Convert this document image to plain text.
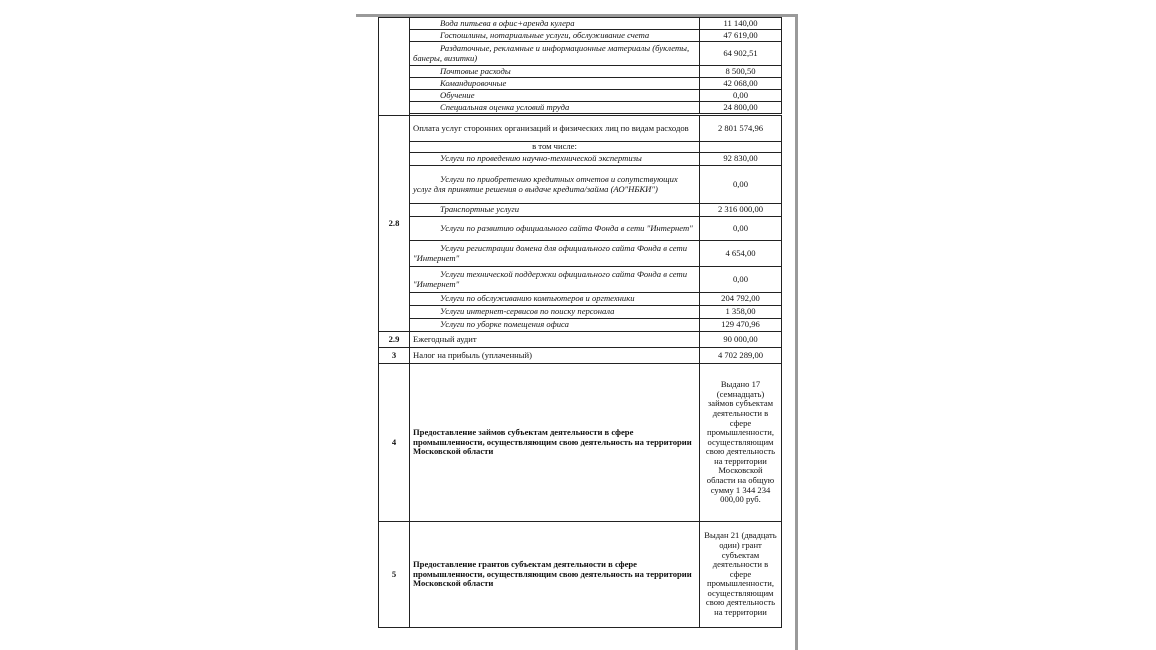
	Вода питьева в офис+аренда кулера	11 140,00
	Госпошлины, нотариальные услуги, обслуживание счета	47 619,00
	Раздаточные, рекламные и информационные материалы (буклеты, банеры, визитки)	64 902,51
	Почтовые расходы	8 500,50
	Командировочные	42 068,00
	Обучение	0,00
	Специальная оценка условий труда	24 800,00

2.8	Оплата услуг сторонних организаций и физических лиц по видам расходов	2 801 574,96
	в том числе:	
	Услуги по проведению научно-технической экспертизы	92 830,00
	Услуги по приобретению кредитных отчетов и сопутствующих услуг для принятие решения о выдаче кредита/займа (АО"НБКИ")	0,00
	Транспортные услуги	2 316 000,00
	Услуги по развитию официального сайта Фонда в сети "Интернет"	0,00
	Услуги регистрации домена для официального сайта Фонда в сети "Интернет"	4 654,00
	Услуги технической поддержки официального сайта Фонда в сети "Интернет"	0,00
	Услуги по обслуживанию компьютеров и оргтехники	204 792,00
	Услуги интернет-сервисов по поиску персонала	1 358,00
	Услуги по уборке помещения офиса	129 470,96
2.9	Ежегодный аудит	90 000,00
3	Налог на прибыль (уплаченный)	4 702 289,00
4	Предоставление займов субъектам деятельности в сфере промышленности, осуществляющим свою деятельность на территории Московской области	Выдано 17 (семнадцать) займов субъектам деятельности в сфере промышленности, осуществляющим свою деятельность на территории Московской области на общую сумму 1 344 234 000,00 руб.
5	Предоставление грантов субъектам деятельности в сфере промышленности, осуществляющим свою деятельность на территории Московской области	Выдан 21 (двадцать один) грант субъектам деятельности в сфере промышленности, осуществляющим свою деятельность на территории
